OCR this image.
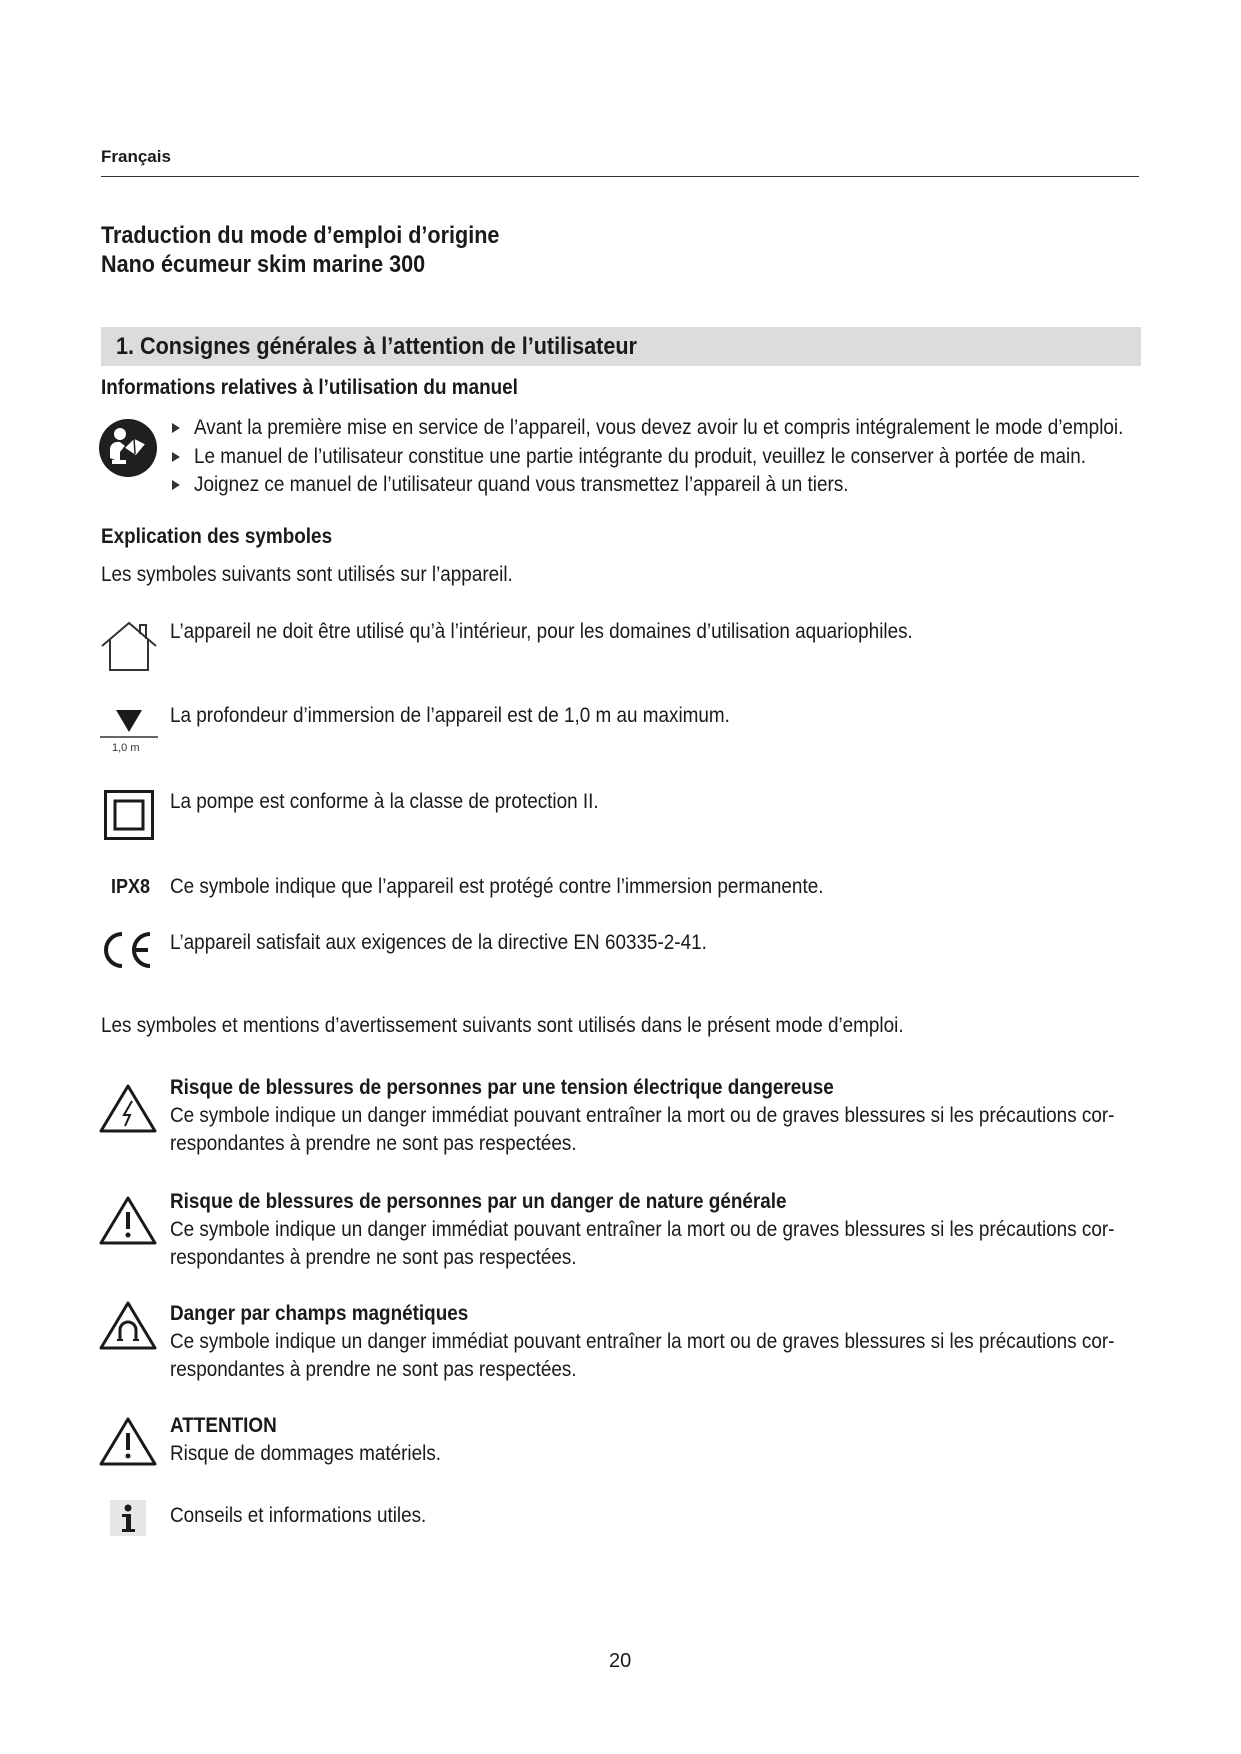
Français
Traduction du mode d’emploi d’origine
Nano écumeur skim marine 300
1. Consignes générales à l’attention de l’utilisateur
Informations relatives à l’utilisation du manuel
Avant la première mise en service de l’appareil, vous devez avoir lu et compris intégralement le mode d’emploi.
Le manuel de l’utilisateur constitue une partie intégrante du produit, veuillez le conserver à portée de main.
Joignez ce manuel de l’utilisateur quand vous transmettez l’appareil à un tiers.
Explication des symboles
Les symboles suivants sont utilisés sur l’appareil.
L’appareil ne doit être utilisé qu’à l’intérieur, pour les domaines d’utilisation aquariophiles.
1,0 m
La profondeur d’immersion de l’appareil est de 1,0 m au maximum.
La pompe est conforme à la classe de protection II.
IPX8 Ce symbole indique que l’appareil est protégé contre l’immersion permanente.
L’appareil satisfait aux exigences de la directive EN 60335-2-41.
Les symboles et mentions d’avertissement suivants sont utilisés dans le présent mode d’emploi.
Risque de blessures de personnes par une tension électrique dangereuse
Ce symbole indique un danger immédiat pouvant entraîner la mort ou de graves blessures si les précautions cor-
respondantes à prendre ne sont pas respectées.
Risque de blessures de personnes par un danger de nature générale
Ce symbole indique un danger immédiat pouvant entraîner la mort ou de graves blessures si les précautions cor-
respondantes à prendre ne sont pas respectées.
Danger par champs magnétiques
Ce symbole indique un danger immédiat pouvant entraîner la mort ou de graves blessures si les précautions cor-
respondantes à prendre ne sont pas respectées.
ATTENTION
Risque de dommages matériels.
Conseils et informations utiles.
20
